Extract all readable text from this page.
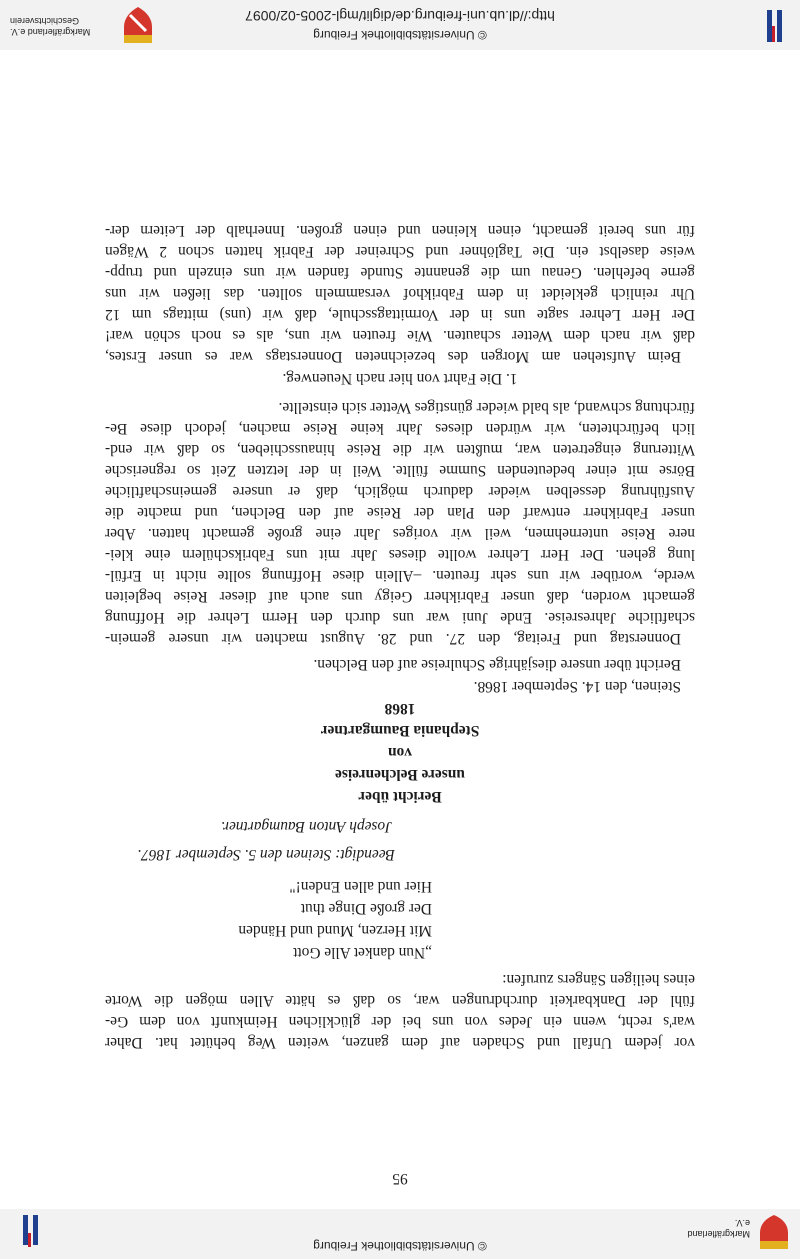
© Universitätsbibliothek Freiburg
Markgräflerland e.V.
95
vor jedem Unfall und Schaden auf dem ganzen, weiten Weg behütet hat. Daher
war's recht, wenn ein Jedes von uns bei der glücklichen Heimkunft von dem Ge-
fühl der Dankbarkeit durchdrungen war, so daß es hätte Allen mögen die Worte
eines heiligen Sängers zurufen:
„Nun danket Alle Gott
Mit Herzen, Mund und Händen
Der große Dinge thut
Hier und allen Enden!"
Beendigt: Steinen den 5. September 1867.
Joseph Anton Baumgartner.
Bericht über
unsere Belchenreise
von
Stephania Baumgartner
1868
Steinen, den 14. September 1868.
Bericht über unsere diesjährige Schulreise auf den Belchen.
Donnerstag und Freitag, den 27. und 28. August machten wir unsere gemein-
schaftliche Jahresreise. Ende Juni war uns durch den Herrn Lehrer die Hoffnung
gemacht worden, daß unser Fabrikherr Geigy uns auch auf dieser Reise begleiten
werde, worüber wir uns sehr freuten. –Allein diese Hoffnung sollte nicht in Erfül-
lung gehen. Der Herr Lehrer wollte dieses Jahr mit uns Fabrikschülern eine klei-
nere Reise unternehmen, weil wir voriges Jahr eine große gemacht hatten. Aber
unser Fabrikherr entwarf den Plan der Reise auf den Belchen, und machte die
Ausführung desselben wieder dadurch möglich, daß er unsere gemeinschaftliche
Börse mit einer bedeutenden Summe füllte. Weil in der letzten Zeit so regnerische
Witterung eingetreten war, mußten wir die Reise hinausschieben, so daß wir end-
lich befürchteten, wir würden dieses Jahr keine Reise machen, jedoch diese Be-
fürchtung schwand, als bald wieder günstiges Wetter sich einstellte.
1. Die Fahrt von hier nach Neuenweg.
Beim Aufstehen am Morgen des bezeichneten Donnerstags war es unser Erstes,
daß wir nach dem Wetter schauten. Wie freuten wir uns, als es noch schön war!
Der Herr Lehrer sagte uns in der Vormittagsschule, daß wir (uns) mittags um 12
Uhr reinlich gekleidet in dem Fabrikhof versammeln sollten. das ließen wir uns
gerne befehlen. Genau um die genannte Stunde fanden wir uns einzeln und trupp-
weise daselbst ein. Die Taglöhner und Schreiner der Fabrik hatten schon 2 Wägen
für uns bereit gemacht, einen kleinen und einen großen. Innerhalb der Leitern der-
© Universitätsbibliothek Freiburg
http://dl.ub.uni-freiburg.de/diglit/mgl-2005-02/0097
Markgräflerland e.V.
Geschichtsverein
